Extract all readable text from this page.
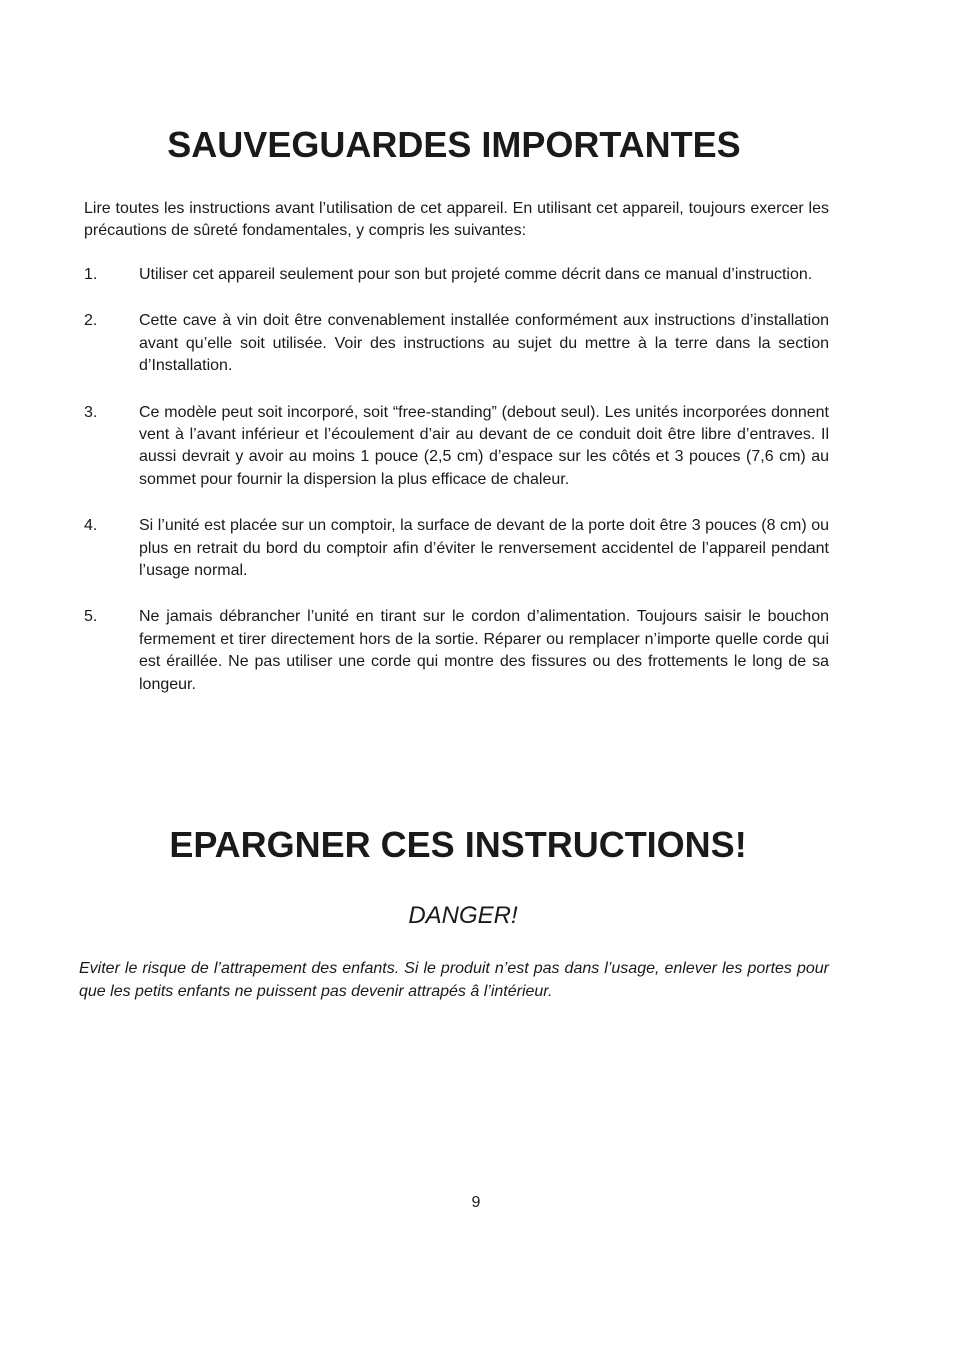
SAUVEGUARDES IMPORTANTES

Lire toutes les instructions avant l’utilisation de cet appareil. En utilisant cet appareil, toujours exercer les précautions de sûreté fondamentales, y compris les suivantes:

1.	Utiliser cet appareil seulement pour son but projeté comme décrit dans ce manual d’instruction.
2.	Cette cave à vin doit être convenablement installée conformément aux instructions d’installation avant qu’elle soit utilisée. Voir des instructions au sujet du mettre à la terre dans la section d’Installation.
3.	Ce modèle peut soit incorporé, soit “free-standing” (debout seul). Les unités incorporées donnent vent à l’avant inférieur et l’écoulement d’air au devant de ce conduit doit être libre d’entraves. Il aussi devrait y avoir au moins 1 pouce (2,5 cm) d’espace sur les côtés et 3 pouces (7,6 cm) au sommet pour fournir la dispersion la plus efficace de chaleur.
4.	Si l’unité est placée sur un comptoir, la surface de devant de la porte doit être 3 pouces (8 cm) ou plus en retrait du bord du comptoir afin d’éviter le renversement accidentel de l’appareil pendant l’usage normal.
5.	Ne jamais débrancher l’unité en tirant sur le cordon d’alimentation. Toujours saisir le bouchon fermement et tirer directement hors de la sortie. Réparer ou remplacer n’importe quelle corde qui est éraillée. Ne pas utiliser une corde qui montre des fissures ou des frottements le long de sa longeur.
EPARGNER CES INSTRUCTIONS!

DANGER!

Eviter le risque de l’attrapement des enfants. Si le produit n’est pas dans l’usage, enlever les portes pour que les petits enfants ne puissent pas devenir attrapés â l’intérieur.

9
